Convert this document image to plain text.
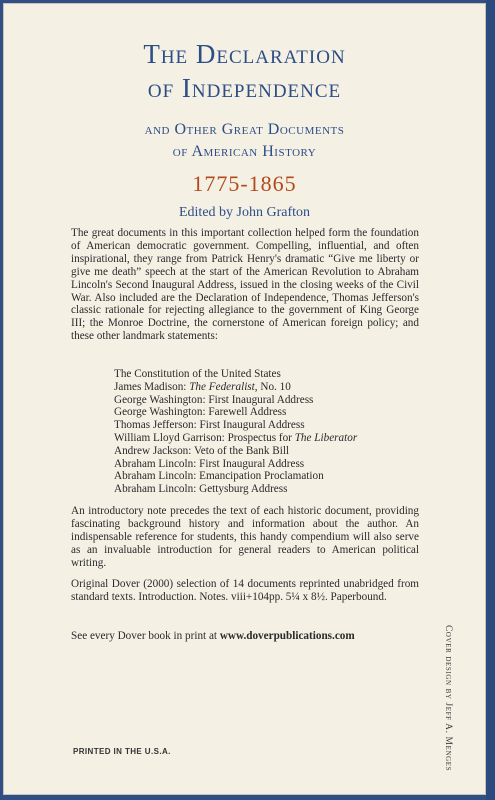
The Declaration
of Independence
and Other Great Documents
of American History
1775-1865
Edited by John Grafton
The great documents in this important collection helped form the foundation of American democratic government. Compelling, influential, and often inspirational, they range from Patrick Henry's dramatic “Give me liberty or give me death” speech at the start of the American Revolution to Abraham Lincoln's Second Inaugural Address, issued in the closing weeks of the Civil War. Also included are the Declaration of Independence, Thomas Jefferson's classic rationale for rejecting allegiance to the government of King George III; the Monroe Doctrine, the cornerstone of American foreign policy; and these other landmark statements:
The Constitution of the United States
James Madison: The Federalist, No. 10
George Washington: First Inaugural Address
George Washington: Farewell Address
Thomas Jefferson: First Inaugural Address
William Lloyd Garrison: Prospectus for The Liberator
Andrew Jackson: Veto of the Bank Bill
Abraham Lincoln: First Inaugural Address
Abraham Lincoln: Emancipation Proclamation
Abraham Lincoln: Gettysburg Address
An introductory note precedes the text of each historic document, providing fascinating background history and information about the author. An indispensable reference for students, this handy compendium will also serve as an invaluable introduction for general readers to American political writing.
Original Dover (2000) selection of 14 documents reprinted unabridged from standard texts. Introduction. Notes. viii+104pp. 5¼ x 8½. Paperbound.
See every Dover book in print at www.doverpublications.com	Cover design by Jeff A. Menges
PRINTED IN THE U.S.A.
